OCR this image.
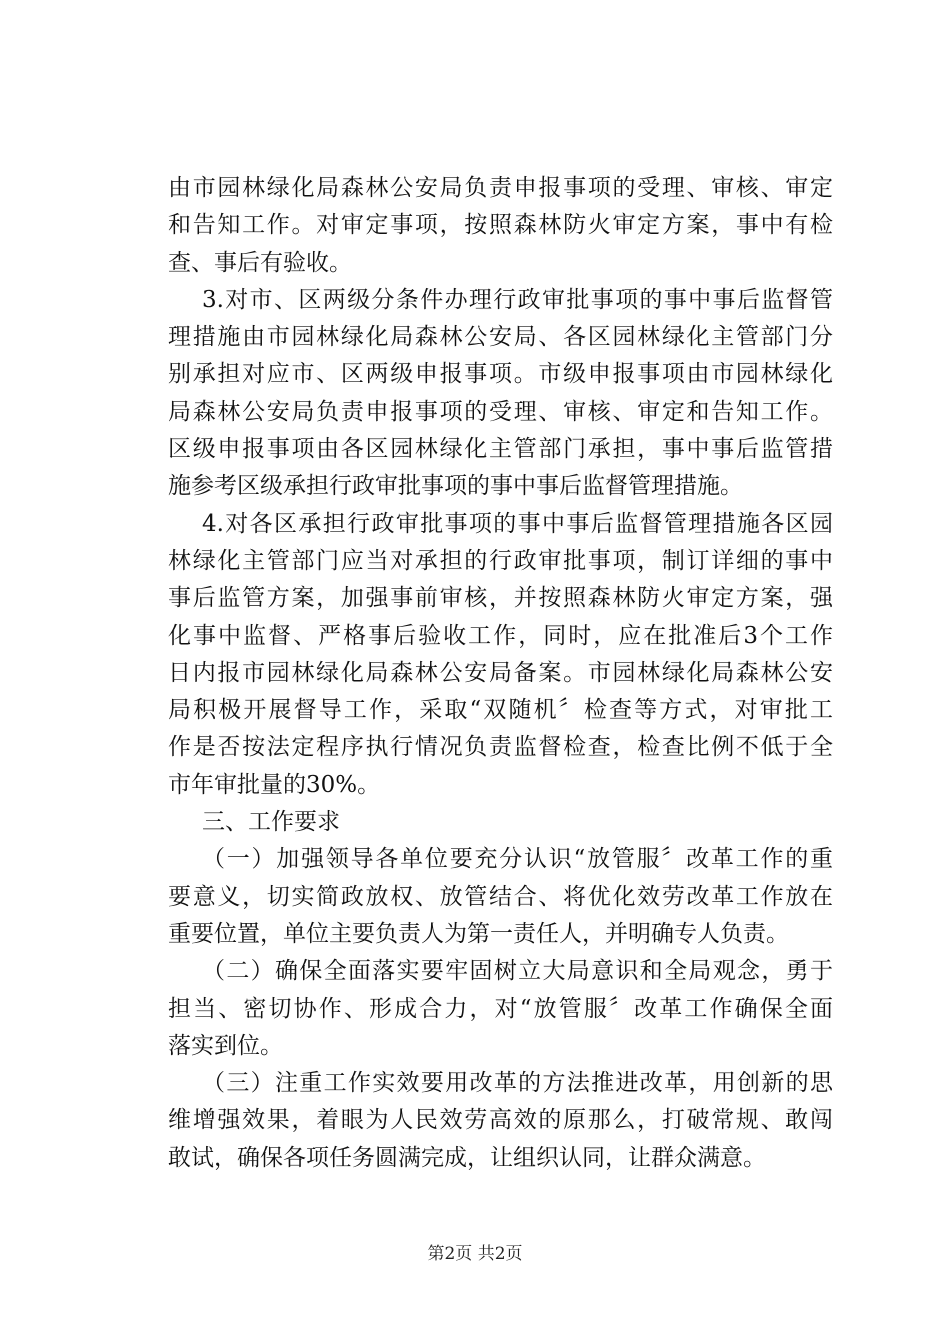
由市园林绿化局森林公安局负责申报事项的受理、审核、审定
和告知工作。对审定事项，按照森林防火审定方案，事中有检
查、事后有验收。
3.对市、区两级分条件办理行政审批事项的事中事后监督管
理措施由市园林绿化局森林公安局、各区园林绿化主管部门分
别承担对应市、区两级申报事项。市级申报事项由市园林绿化
局森林公安局负责申报事项的受理、审核、审定和告知工作。
区级申报事项由各区园林绿化主管部门承担，事中事后监管措
施参考区级承担行政审批事项的事中事后监督管理措施。
4.对各区承担行政审批事项的事中事后监督管理措施各区园
林绿化主管部门应当对承担的行政审批事项，制订详细的事中
事后监管方案，加强事前审核，并按照森林防火审定方案，强
化事中监督、严格事后验收工作，同时，应在批准后3个工作
日内报市园林绿化局森林公安局备案。市园林绿化局森林公安
局积极开展督导工作，采取“双随机〞检查等方式，对审批工
作是否按法定程序执行情况负责监督检查，检查比例不低于全
市年审批量的30%。
三、工作要求
（一）加强领导各单位要充分认识“放管服〞改革工作的重
要意义，切实简政放权、放管结合、将优化效劳改革工作放在
重要位置，单位主要负责人为第一责任人，并明确专人负责。
（二）确保全面落实要牢固树立大局意识和全局观念，勇于
担当、密切协作、形成合力，对“放管服〞改革工作确保全面
落实到位。
（三）注重工作实效要用改革的方法推进改革，用创新的思
维增强效果，着眼为人民效劳高效的原那么，打破常规、敢闯
敢试，确保各项任务圆满完成，让组织认同，让群众满意。
第2页 共2页
